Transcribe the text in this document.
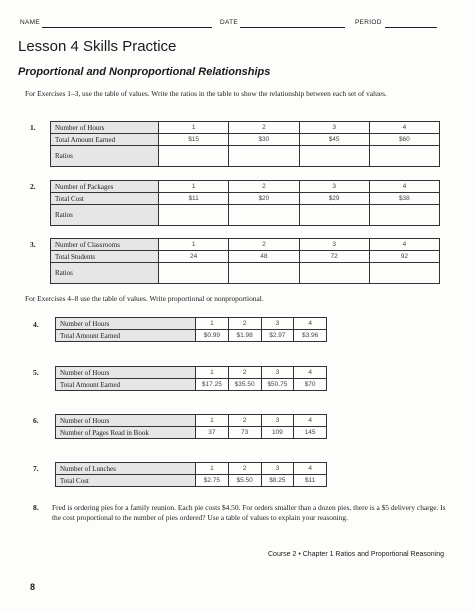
NAME	DATE	PERIOD
Lesson 4 Skills Practice
Proportional and Nonproportional Relationships
For Exercises 1–3, use the table of values. Write the ratios in the table to show the relationship between each set of values.
1.	Number of Hours	1	2	3	4
Total Amount Earned	$15	$30	$45	$60
Ratios				
2.	Number of Packages	1	2	3	4
Total Cost	$11	$20	$29	$38
Ratios				
3.	Number of Classrooms	1	2	3	4
Total Students	24	48	72	92
Ratios				
For Exercises 4–8 use the table of values. Write proportional or nonproportional.
4.	Number of Hours	1	2	3	4
Total Amount Earned	$0.99	$1.98	$2.97	$3.96
5.	Number of Hours	1	2	3	4
Total Amount Earned	$17.25	$35.50	$50.75	$70
6.	Number of Hours	1	2	3	4
Number of Pages Read in Book	37	73	109	145
7.	Number of Lunches	1	2	3	4
Total Cost	$2.75	$5.50	$8.25	$11
8. Fred is ordering pies for a family reunion. Each pie costs $4.50. For orders smaller than a dozen pies, there is a $5 delivery charge. Is the cost proportional to the number of pies ordered? Use a table of values to explain your reasoning.
Course 2 • Chapter 1 Ratios and Proportional Reasoning
8
